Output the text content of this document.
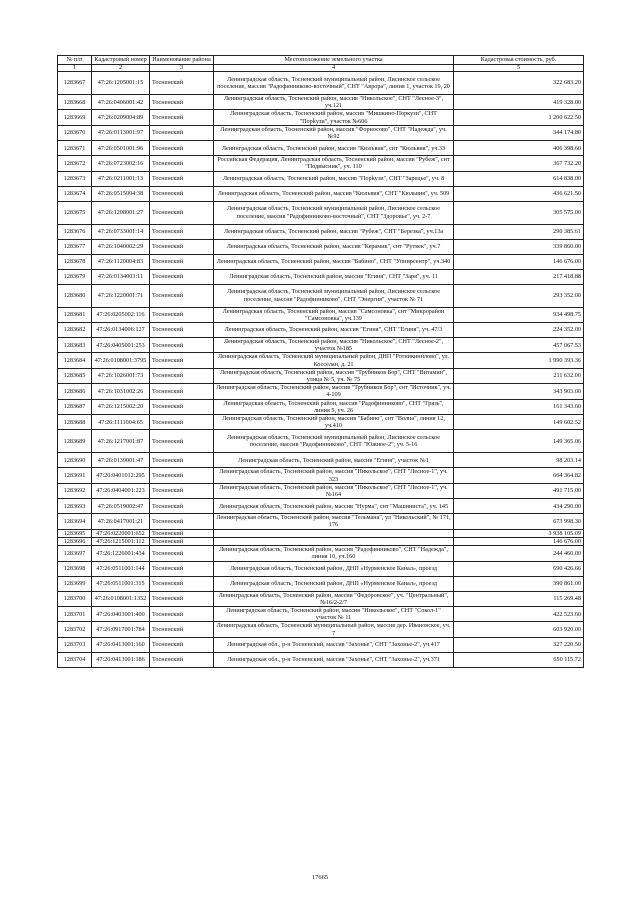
№ п/п	Кадастровый номер	Наименование района	Местоположение земельного участка	Кадастровая стоимость, руб.
1	2	3	4	5
1283667	47:26:1205001:15	Тосненский	Ленинградская область, Тосненский муниципальный район, Лисинское сельское поселение, массив "Радофинниково-восточный", СНТ "Аврора", линия 1, участок 19, 20	322 683.20
1283668	47:26:0406001:42	Тосненский	Ленинградская область, Тосненский район, массив "Никольское", СНТ "Лесное-3", уч.121	419 328.00
1283669	47:26:0209004:89	Тосненский	Ленинградская область, Тосненский район, массив "Мишкино-Поркузи", СНТ "Порkузи", участок №606	1 200 622.50
1283670	47:26:0113001:97	Тосненский	Ленинградская область, Тосненский район, массив "Форносово", СНТ "Надежда", уч. №92	344 174.80
1283671	47:26:0501001:96	Тосненский	Ленинградская область, Тосненский район, массив "Кюльвия", снт "Кюльвия", уч.33	406 398.60
1283672	47:26:0723002:16	Тосненский	Российская Федерация, Ленинградская область, Тосненский район, массив "Рубеж", снт "Подвысник", уч. 110	367 732.20
1283673	47:26:0211001:13	Тосненский	Ленинградская область, Тосненский район, массив "Порkузи", СНТ "Зарецье", уч. 8	614 838.00
1283674	47:26:0515004:38	Тосненский	Ленинградская область, Тосненский район, массив "Кюльвия", СНТ "Кюльвия", уч. 509	436 621.50
1283675	47:26:1208001:27	Тосненский	Ленинградская область, Тосненский муниципальный район, Лисинское сельское поселение, массив "Радофинниково-восточный", СНТ "Здоровье", уч. 2-7	305 575.00
1283676	47:26:0733001:14	Тосненский	Ленинградская область, Тосненский район, массив "Рубеж", СНТ "Березка", уч.13а	290 385.61
1283677	47:26:1040002:29	Тосненский	Ленинградская область, Тосненский район, массив "Керамик", снт "Рутвек", уч.7	339 860.00
1283678	47:26:1120004:83	Тосненский	Ленинградская область, Тосненский район, массив "Бабино", СНТ "Упнирсентр", уч.340	146 676.00
1283679	47:26:0134003:11	Тосненский	Ленинградская область, Тосненский район, массив "Егиня", СНТ "Заря", уч. 11	217 418.88
1283680	47:26:1220001:71	Тосненский	Ленинградская область, Тосненский муниципальный район, Лисинское сельское поселение, массив "Радофинниково", СНТ "Энергия", участок № 71	293 352.00
1283681	47:26:0205002:116	Тосненский	Ленинградская область, Тосненский район, массив "Самсоновка", снт "Микрорайон "Самсоновка", уч.139	934 498.75
1283682	47:26:0134006:127	Тосненский	Ленинградская область, Тосненский район, массив "Егиня", СНТ "Егиня", уч. 47/3	224 352.00
1283683	47:26:0405001:253	Тосненский	Ленинградская область, Тосненский район, массив "Никольское", СНТ "Лесное-2", участок №185	457 067.53
1283684	47:26:0108001:3795	Тосненский	Ленинградская область, Тосненский муниципальный район, ДНП "Ротникиннлово", ул. Косселан, д. 21	1 990 393.36
1283685	47:26:1026001:73	Тосненский	Ленинградская область, Тосненский район, массив "Трубников Бор", СНТ "Витамин", улица № 5, уч. № 75	211 632.00
1283686	47:26:1031002:26	Тосненский	Ленинградская область, Тосненский район, массив "Трубников Бор", снт "Источник", уч. 4-109	343 903.00
1283687	47:26:1215002:20	Тосненский	Ленинградская область, Тосненский район, массив "Радофинниково", СНТ "Грязь", линия 5, уч. 26	161 343.60
1283688	47:26:1111004:65	Тосненский	Ленинградская область, Тосненский район, массив "Бабино", снт "Волна", линия 12, уч.410	149 602.52
1283689	47:26:1217001:87	Тосненский	Ленинградская область, Тосненский муниципальный район, Лисинское сельское поселение, массив "Радофинниково", СНТ "Южное-2", уч. 5-16	149 365.06
1283690	47:26:0139001:47	Тосненский	Ленинградская область, Тосненский район, массив "Егиня", участок №1	98 203.14
1283691	47:26:0401012:295	Тосненский	Ленинградская область, Тосненский район, массив "Никольское", СНТ "Лесное-1", уч. 323	664 364.82
1283692	47:26:0404001:223	Тосненский	Ленинградская область, Тосненский район, массив "Никольское", СНТ "Лесное-1", уч. №164	491 715.00
1283693	47:26:0519002:47	Тосненский	Ленинградская область, Тосненский район, массив "Нурма", снт "Машиниста", уч. 145	434 290.00
1283694	47:26:0417001:21	Тосненский	Ленинградская область, Тосненский район, массив "Тельмана", ул "Никольский", № 171, 176	673 998.30
1283695	47:26:0220001:652	Тосненский		3 938 105.09
1283696	47:26:1215001:112	Тосненский		146 676.00
1283697	47:26:1226001:434	Тосненский	Ленинградская область, Тосненский район, массив "Радофинниково", СНТ "Надежда", линия 10, уч.160	244 460.00
1283698	47:26:0511001:144	Тосненский	Ленинградская область, Тосненский район, ДНП «Нурменское Канал», проезд	690 426.66
1283699	47:26:0511001:315	Тосненский	Ленинградская область, Тосненский район, ДНП «Нурменское Канал», проезд	390 861.00
1283700	47:26:0108001:1352	Тосненский	Ленинградская область, Тосненский район, массив "Федоровское", уч. "Центральный", №16/2-2/7	115 269.48
1283701	47:26:0403001:400	Тосненский	Ленинградская область, Тосненский район, массив "Никольское", СНТ "Сокол-1" участок № 11	422 523.60
1283702	47:26:0917001:784	Тосненский	Ленинградская область, Тосненский муниципальный район, массив дер. Ивановское, уч. 7	603 920.00
1283703	47:26:0413001:160	Тосненский	Ленинградская обл., р-н Тосненский, массив "Захонье", СНТ "Захонье-2", уч.417	327 220.50
1283704	47:26:0413001:186	Тосненский	Ленинградская обл., р-н Тосненский, массив "Захонье", СНТ "Захонье-2", уч.371	650 115.72
17665
